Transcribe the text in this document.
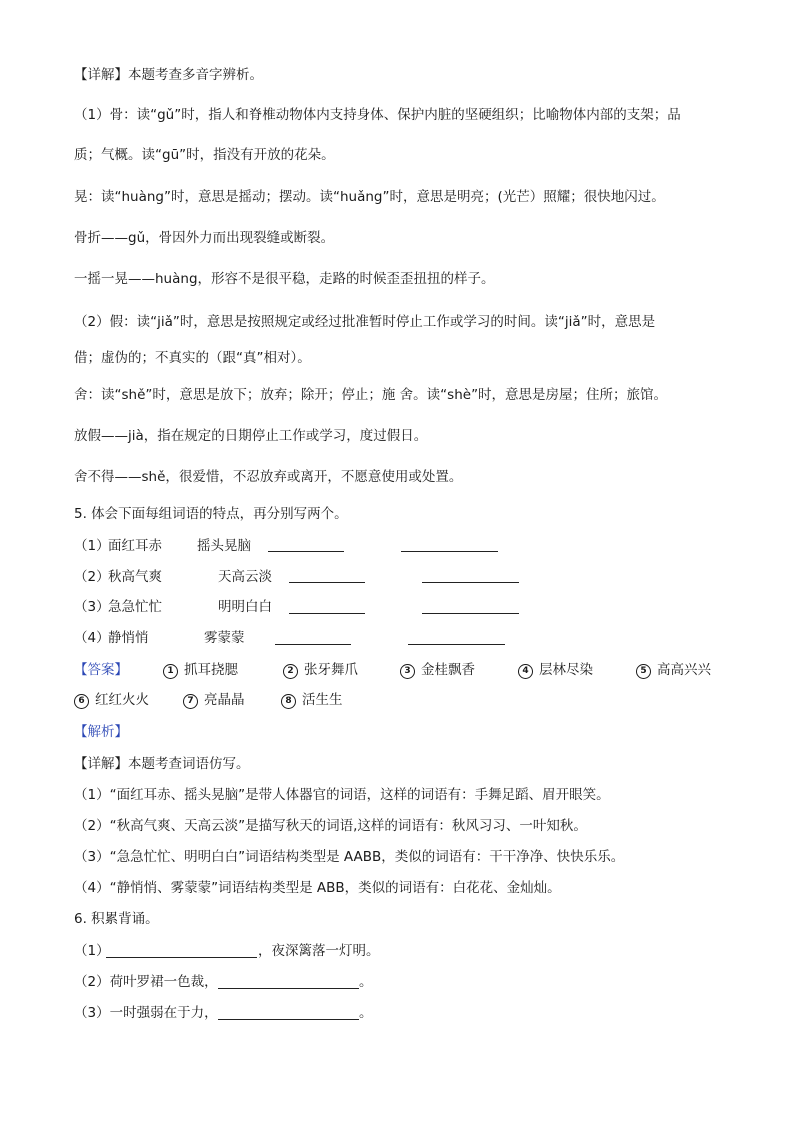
【详解】本题考查多音字辨析。
（1）骨：读“gǔ”时，指人和脊椎动物体内支持身体、保护内脏的坚硬组织；比喻物体内部的支架；品
质；气概。读“gū”时，指没有开放的花朵。
晃：读“huàng”时，意思是摇动；摆动。读“huǎng”时，意思是明亮；(光芒）照耀；很快地闪过。
骨折——gǔ，骨因外力而出现裂缝或断裂。
一摇一晃——huàng，形容不是很平稳，走路的时候歪歪扭扭的样子。
（2）假：读“jiǎ”时，意思是按照规定或经过批准暂时停止工作或学习的时间。读“jiǎ”时，意思是
借；虚伪的；不真实的（跟“真”相对）。
舍：读“shě”时，意思是放下；放弃；除开；停止；施 舍。读“shè”时，意思是房屋；住所；旅馆。
放假——jià，指在规定的日期停止工作或学习，度过假日。
舍不得——shě，很爱惜，不忍放弃或离开，不愿意使用或处置。
5. 体会下面每组词语的特点，再分别写两个。
（1）
面红耳赤	摇头晃脑
（2）
秋高气爽	天高云淡
（3）
急急忙忙	明明白白
（4）
静悄悄	雾蒙蒙
【答案】	1 抓耳挠腮	2 张牙舞爪	3 金桂飘香	4 层林尽染	5 高高兴兴
6 红红火火	7 亮晶晶	8 活生生
【解析】
【详解】本题考查词语仿写。
（1）“面红耳赤、摇头晃脑”是带人体器官的词语，这样的词语有：手舞足蹈、眉开眼笑。
（2）“秋高气爽、天高云淡”是描写秋天的词语,这样的词语有：秋风习习、一叶知秋。
（3）“急急忙忙、明明白白”词语结构类型是 AABB，类似的词语有：干干净净、快快乐乐。
（4）“静悄悄、雾蒙蒙”词语结构类型是 ABB，类似的词语有：白花花、金灿灿。
6. 积累背诵。
（1）	，夜深篱落一灯明。
（2）荷叶罗裙一色裁，	。
（3）一时强弱在于力，	。
